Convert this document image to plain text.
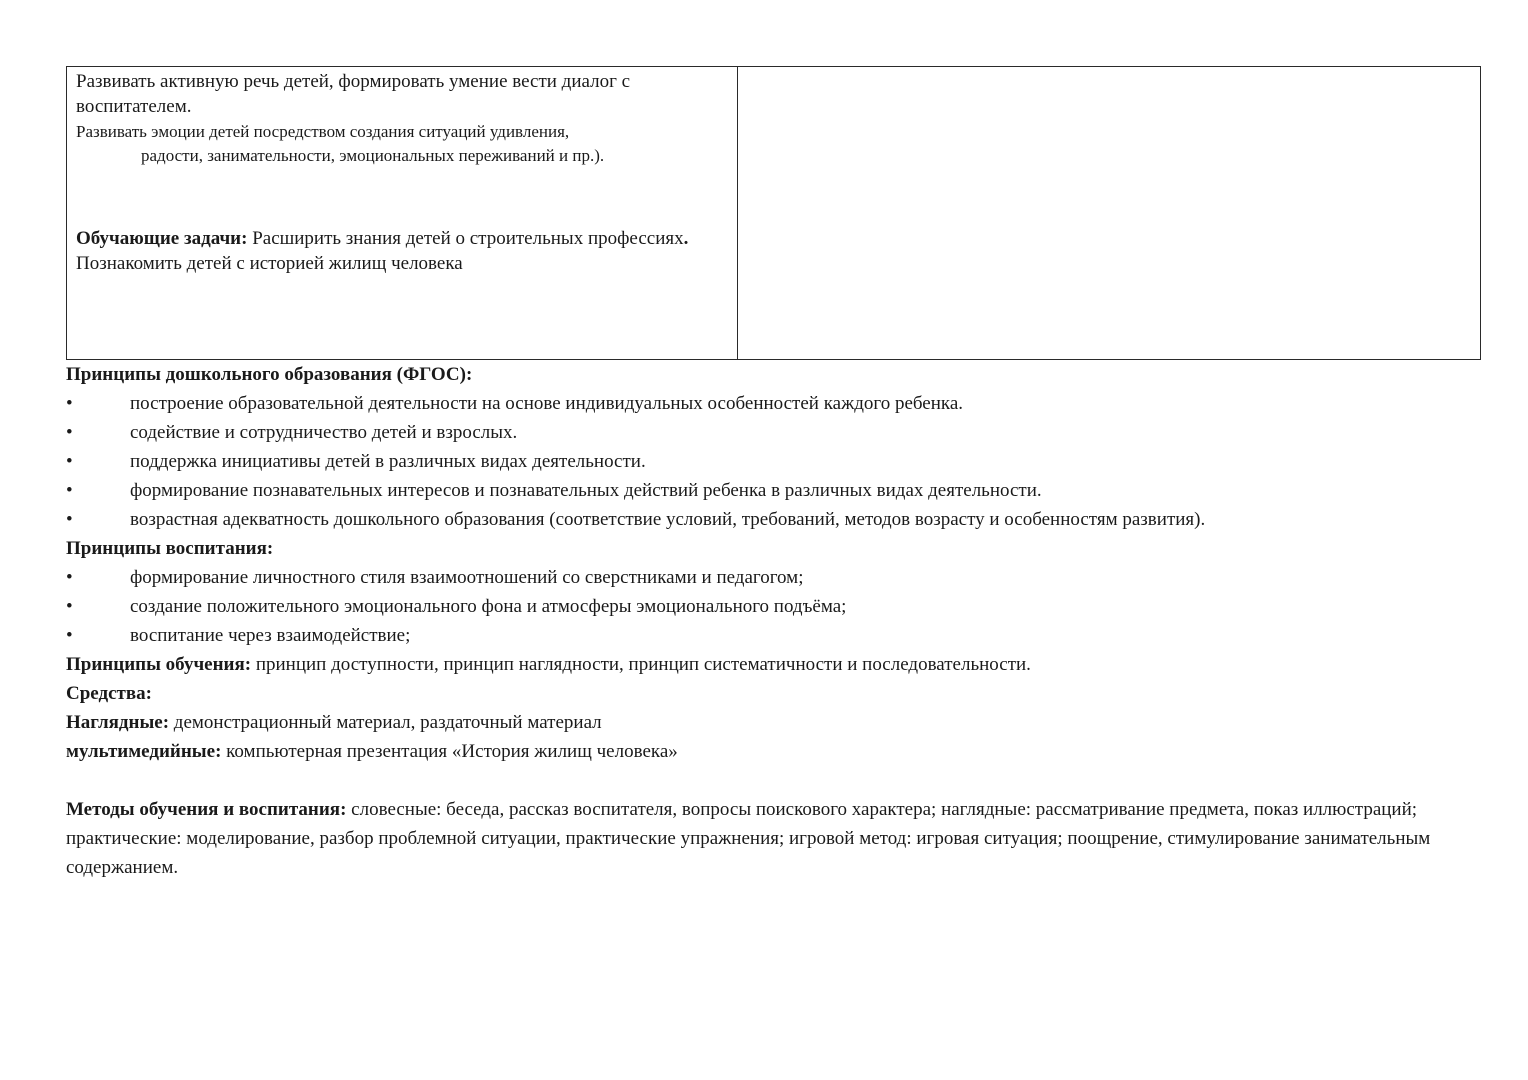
Развивать активную речь детей, формировать умение вести диалог с воспитателем.
Развивать эмоции детей посредством создания ситуаций удивления,
радости, занимательности, эмоциональных переживаний и пр.).
Обучающие задачи: Расширить знания детей о строительных профессиях.
Познакомить детей с историей жилищ человека

Принципы дошкольного образования (ФГОС):
•	построение образовательной деятельности на основе индивидуальных особенностей каждого ребенка.
•	содействие и сотрудничество детей и взрослых.
•	поддержка инициативы детей в различных видах деятельности.
•	формирование познавательных интересов и познавательных действий ребенка в различных видах деятельности.
•	возрастная адекватность дошкольного образования (соответствие условий, требований, методов возрасту и особенностям развития).
Принципы воспитания:
•	формирование личностного стиля взаимоотношений со сверстниками и педагогом;
•	создание положительного эмоционального фона и атмосферы эмоционального подъёма;
•	воспитание через взаимодействие;

Принципы обучения: принцип доступности, принцип наглядности, принцип систематичности и последовательности.

Средства:

Наглядные: демонстрационный материал, раздаточный материал

мультимедийные: компьютерная презентация «История жилищ человека»

Методы обучения и воспитания: словесные: беседа, рассказ воспитателя, вопросы поискового характера; наглядные: рассматривание предмета, показ иллюстраций; практические: моделирование, разбор проблемной ситуации, практические упражнения; игровой метод: игровая ситуация; поощрение, стимулирование занимательным содержанием.
